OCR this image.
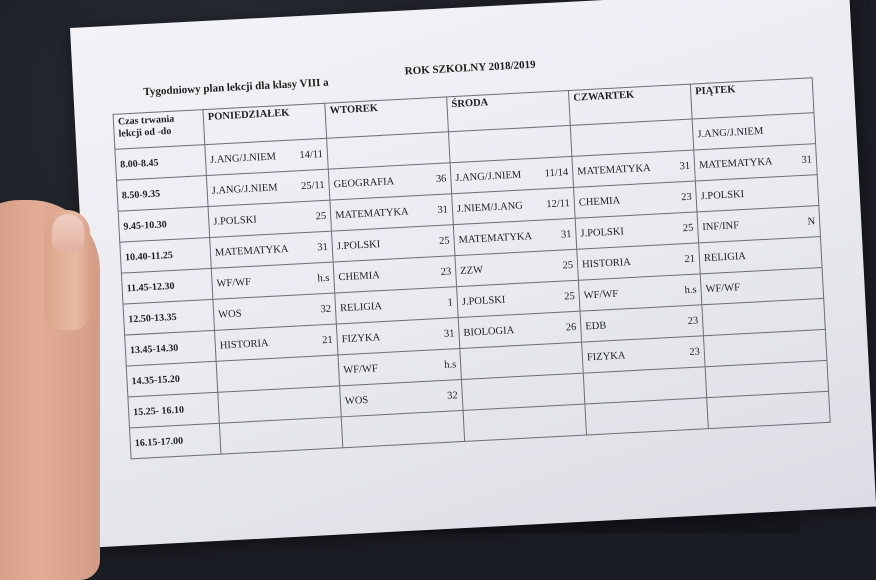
Tygodniowy plan lekcji dla klasy VIII a
ROK SZKOLNY 2018/2019
Czas trwania lekcji od -do	PONIEDZIAŁEK	WTOREK	ŚRODA	CZWARTEK	PIĄTEK
8.00-8.45	J.ANG/J.NIEM 14/11				J.ANG/J.NIEM

8.50-9.35	J.ANG/J.NIEM 25/11	GEOGRAFIA 36	J.ANG/J.NIEM 11/14	MATEMATYKA 31	MATEMATYKA 31

9.45-10.30	J.POLSKI 25	MATEMATYKA 31	J.NIEM/J.ANG 12/11	CHEMIA 23	J.POLSKI

10.40-11.25	MATEMATYKA 31	J.POLSKI 25	MATEMATYKA 31	J.POLSKI 25	INF/INF N

11.45-12.30	WF/WF h.s	CHEMIA 23	ZZW 25	HISTORIA 21	RELIGIA

12.50-13.35	WOS 32	RELIGIA 1	J.POLSKI 25	WF/WF h.s	WF/WF

13.45-14.30	HISTORIA 21	FIZYKA 31	BIOLOGIA 26	EDB 23	

14.35-15.20		WF/WF h.s		FIZYKA 23	

15.25- 16.10		WOS 32			

16.15-17.00	
